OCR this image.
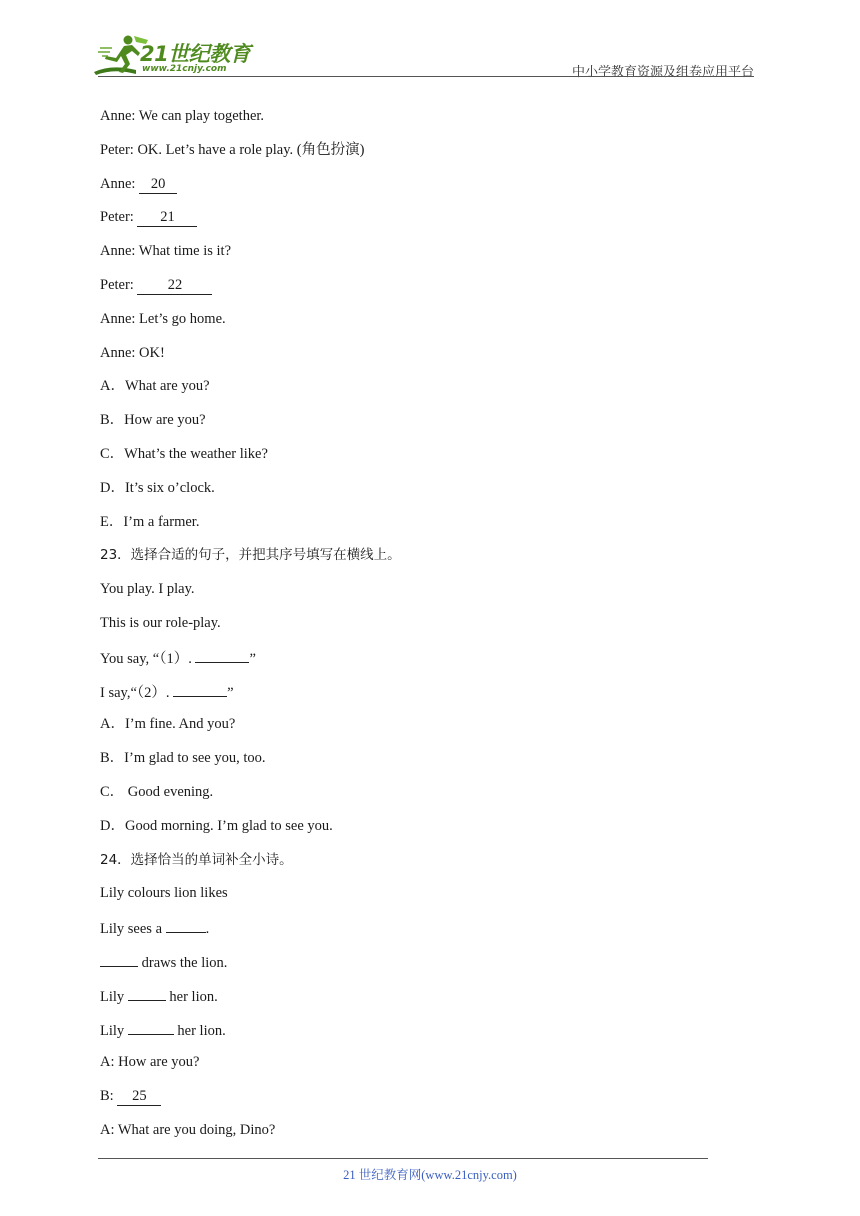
21世纪教育
www.21cnjy.com	中小学教育资源及组卷应用平台
Anne: We can play together.
Peter: OK. Let’s have a role play. (角色扮演)
Anne: 20
Peter: 21
Anne: What time is it?
Peter: 22
Anne: Let’s go home.
Anne: OK!
A．What are you?
B．How are you?
C．What’s the weather like?
D．It’s six o’clock.
E．I’m a farmer.
23．选择合适的句子，并把其序号填写在横线上。
You play. I play.
This is our role-play.
You say, “（1）.	”
I say,“（2）.	”
A．I’m fine. And you?
B．I’m glad to see you, too.
C． Good evening.
D．Good morning. I’m glad to see you.
24．选择恰当的单词补全小诗。
Lily colours lion likes
Lily sees a	.
draws the lion.
Lily	her lion.
Lily	her lion.
A: How are you?
B: 25
A: What are you doing, Dino?
21 世纪教育网(www.21cnjy.com)
